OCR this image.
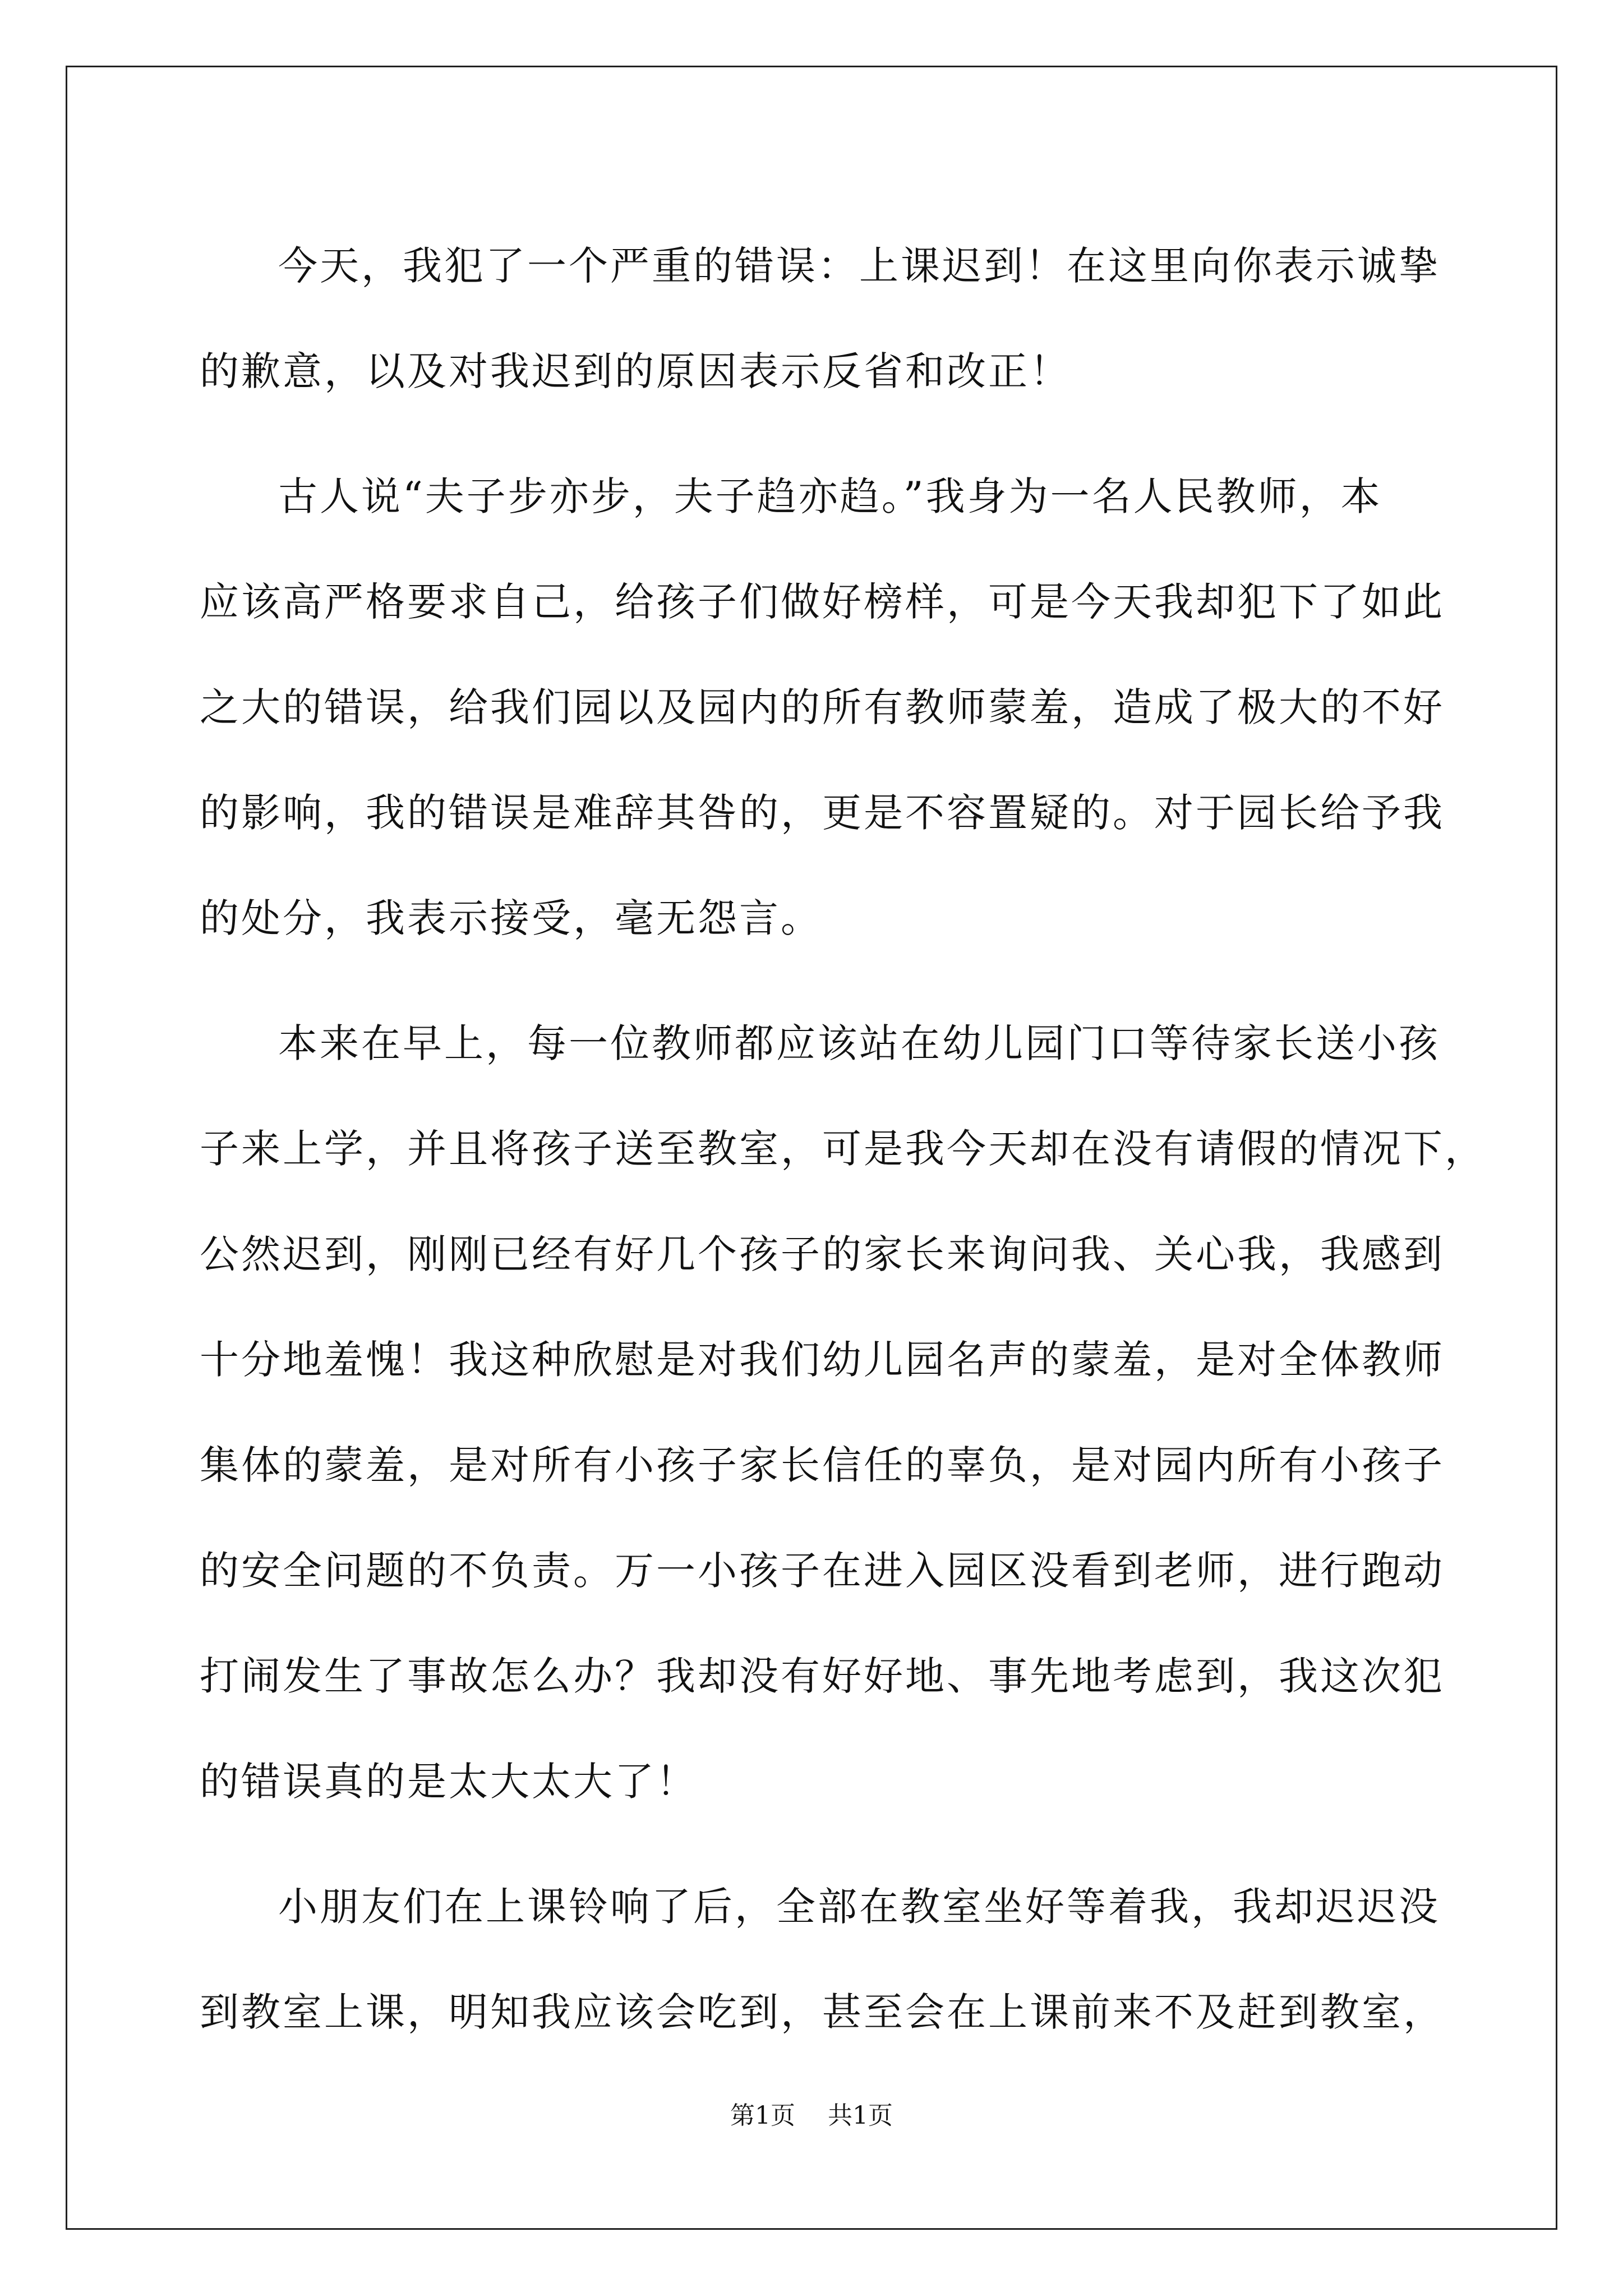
今天，我犯了一个严重的错误：上课迟到！在这里向你表示诚挚
的歉意，以及对我迟到的原因表示反省和改正！

古人说“夫子步亦步，夫子趋亦趋。”我身为一名人民教师，本
应该高严格要求自己，给孩子们做好榜样，可是今天我却犯下了如此
之大的错误，给我们园以及园内的所有教师蒙羞，造成了极大的不好
的影响，我的错误是难辞其咎的，更是不容置疑的。对于园长给予我
的处分，我表示接受，毫无怨言。

本来在早上，每一位教师都应该站在幼儿园门口等待家长送小孩
子来上学，并且将孩子送至教室，可是我今天却在没有请假的情况下，
公然迟到，刚刚已经有好几个孩子的家长来询问我、关心我，我感到
十分地羞愧！我这种欣慰是对我们幼儿园名声的蒙羞，是对全体教师
集体的蒙羞，是对所有小孩子家长信任的辜负，是对园内所有小孩子
的安全问题的不负责。万一小孩子在进入园区没看到老师，进行跑动
打闹发生了事故怎么办？我却没有好好地、事先地考虑到，我这次犯
的错误真的是太大太大了！

小朋友们在上课铃响了后，全部在教室坐好等着我，我却迟迟没
到教室上课，明知我应该会吃到，甚至会在上课前来不及赶到教室，

第1页 共1页
